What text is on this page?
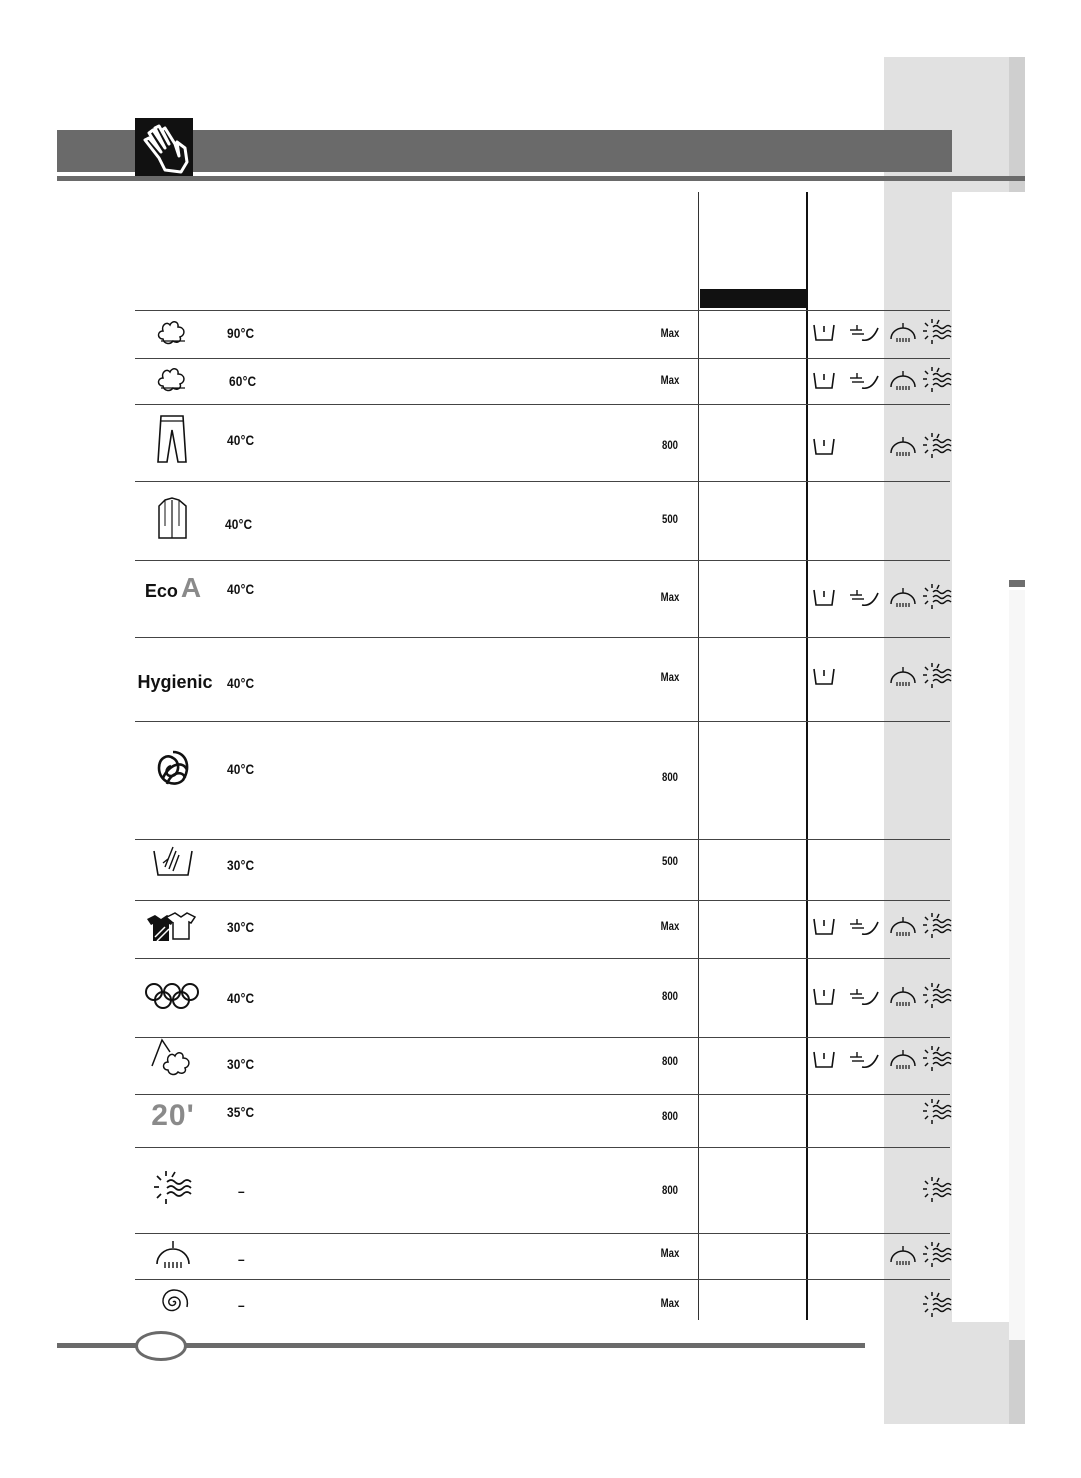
90°C	Max
60°C	Max
40°C	800
40°C	500
Eco A	40°C	Max
Hygienic 40°C	Max
40°C	800
30°C	500
30°C	Max
40°C	800
30°C	800
20'	35°C	800
–	800
–	Max
–	Max
